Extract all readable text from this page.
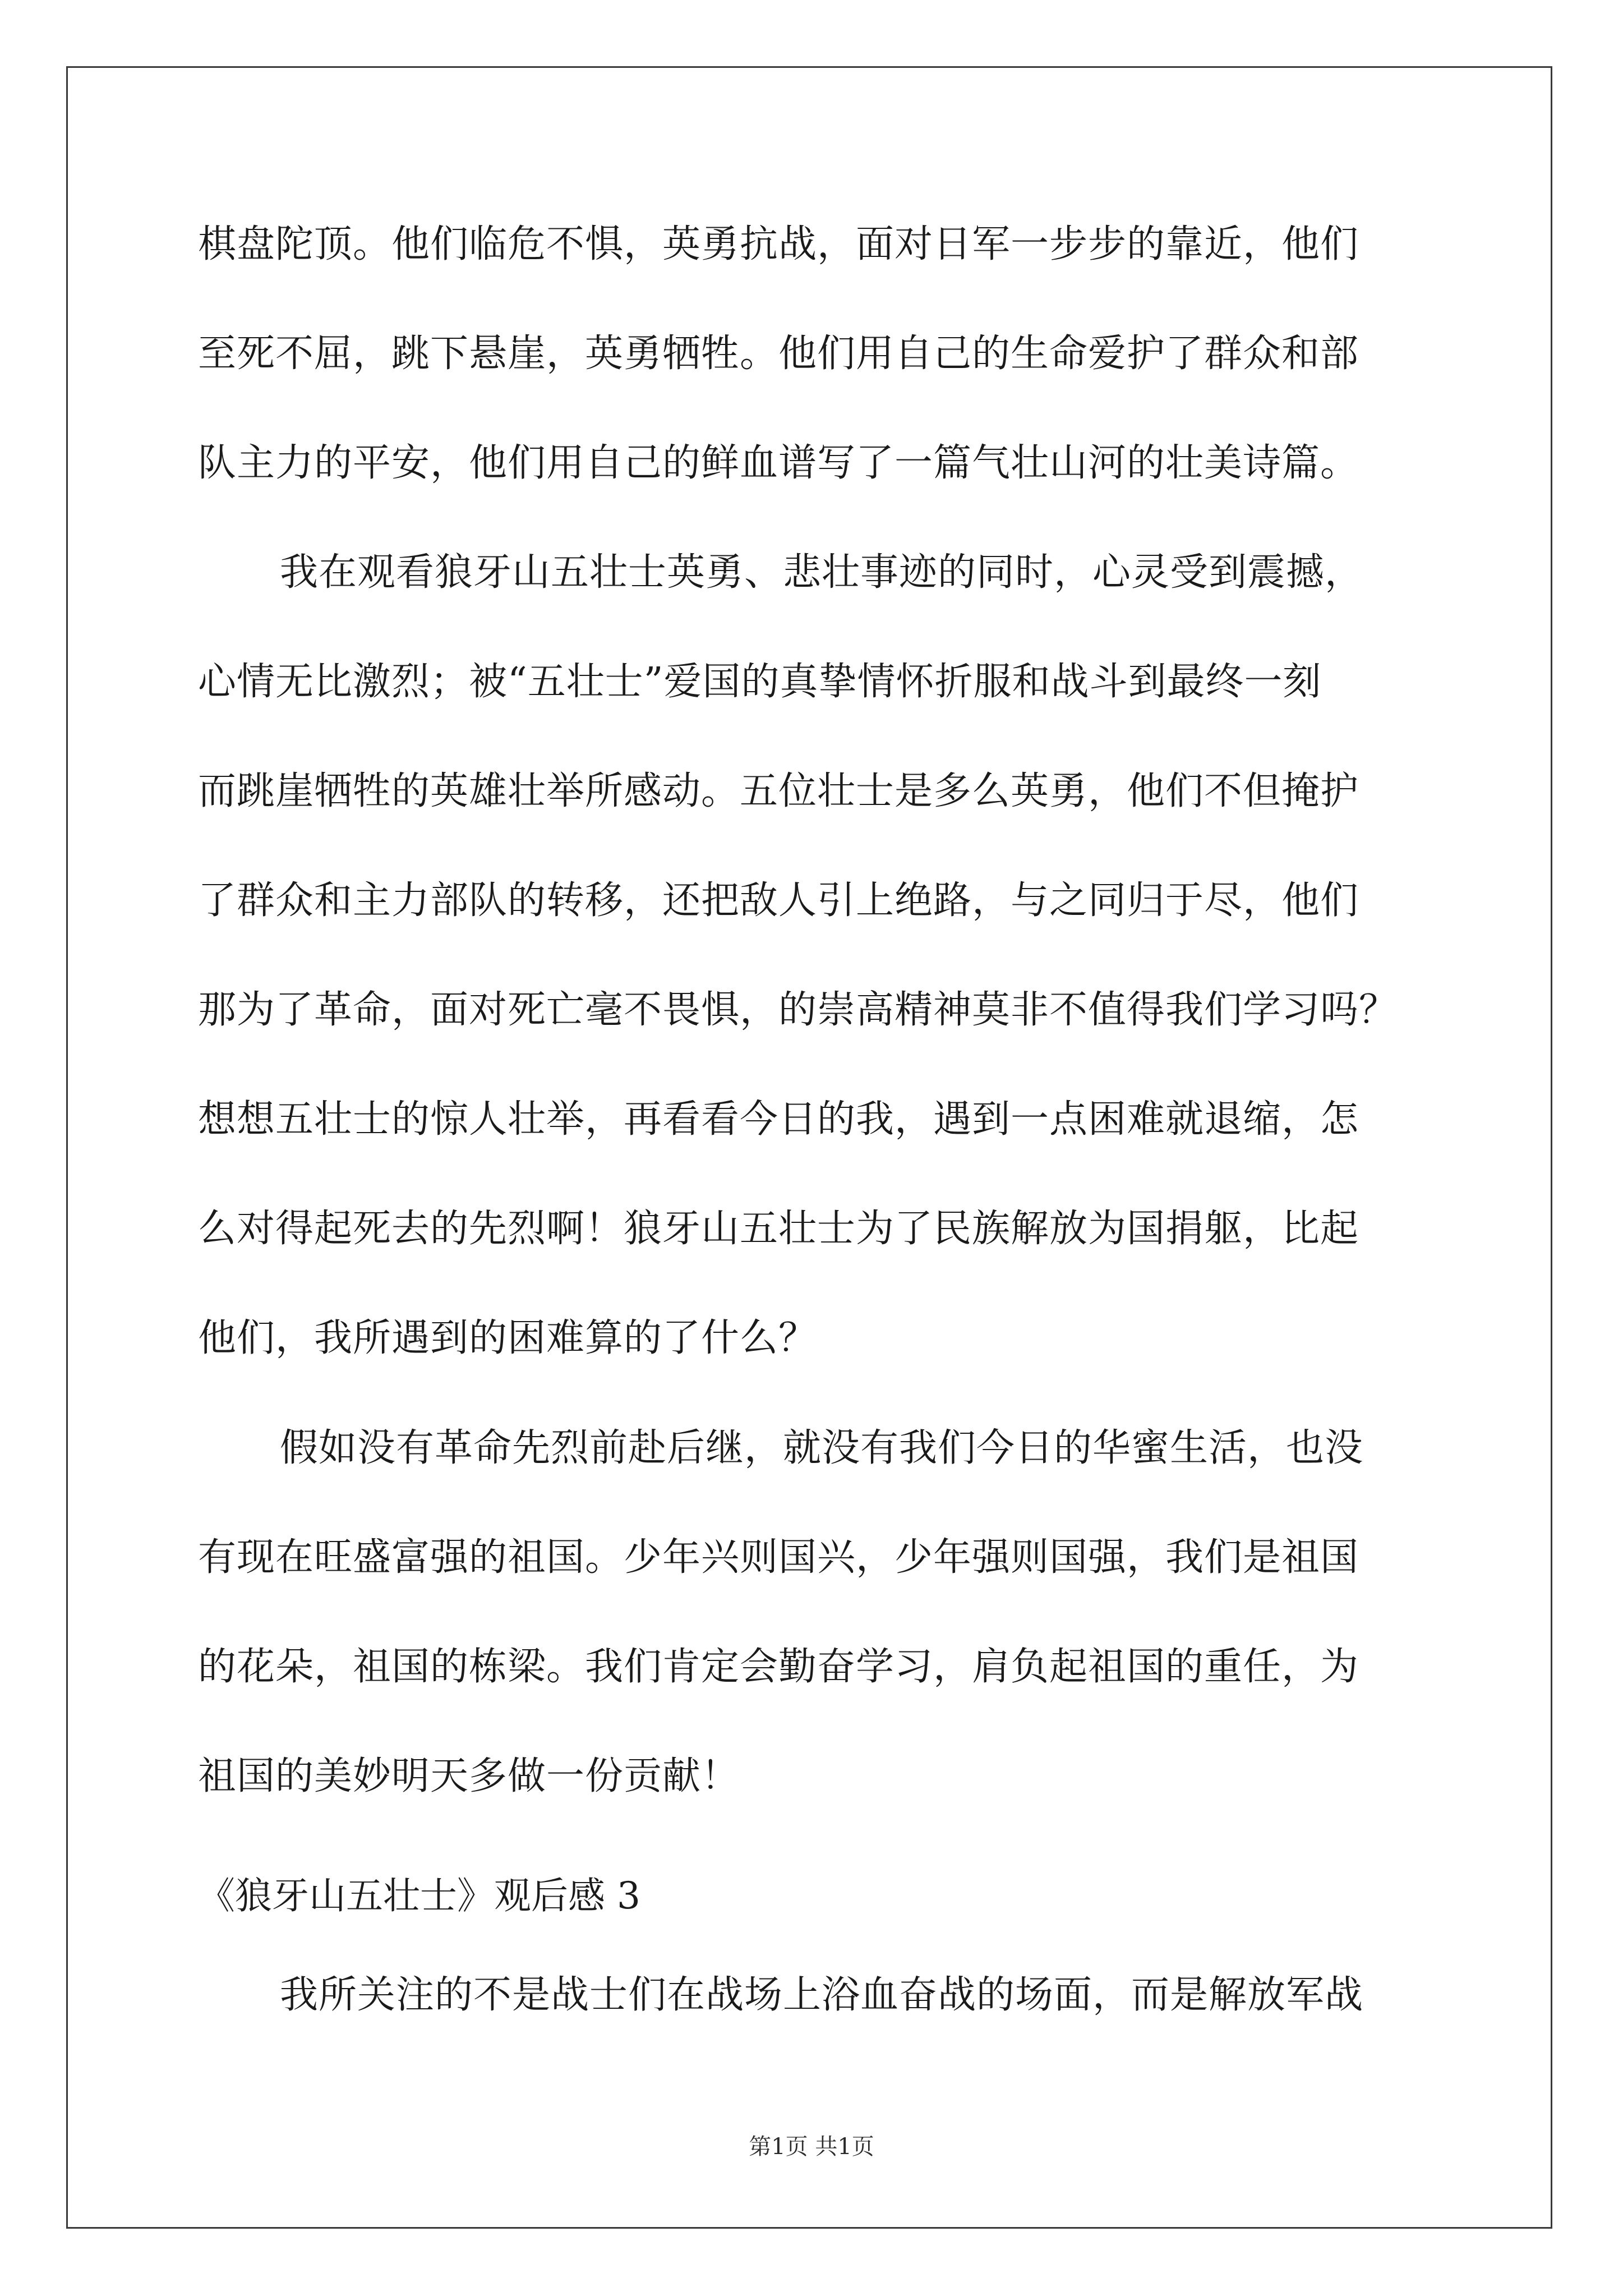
棋盘陀顶。他们临危不惧，英勇抗战，面对日军一步步的靠近，他们
至死不屈，跳下悬崖，英勇牺牲。他们用自己的生命爱护了群众和部
队主力的平安，他们用自己的鲜血谱写了一篇气壮山河的壮美诗篇。
我在观看狼牙山五壮士英勇、悲壮事迹的同时，心灵受到震撼，
心情无比激烈；被“五壮士”爱国的真挚情怀折服和战斗到最终一刻
而跳崖牺牲的英雄壮举所感动。五位壮士是多么英勇，他们不但掩护
了群众和主力部队的转移，还把敌人引上绝路，与之同归于尽，他们
那为了革命，面对死亡毫不畏惧，的崇高精神莫非不值得我们学习吗？
想想五壮士的惊人壮举，再看看今日的我，遇到一点困难就退缩，怎
么对得起死去的先烈啊！狼牙山五壮士为了民族解放为国捐躯，比起
他们，我所遇到的困难算的了什么？
假如没有革命先烈前赴后继，就没有我们今日的华蜜生活，也没
有现在旺盛富强的祖国。少年兴则国兴，少年强则国强，我们是祖国
的花朵，祖国的栋梁。我们肯定会勤奋学习，肩负起祖国的重任，为
祖国的美妙明天多做一份贡献！
《狼牙山五壮士》观后感 3
我所关注的不是战士们在战场上浴血奋战的场面，而是解放军战
第1页 共1页
